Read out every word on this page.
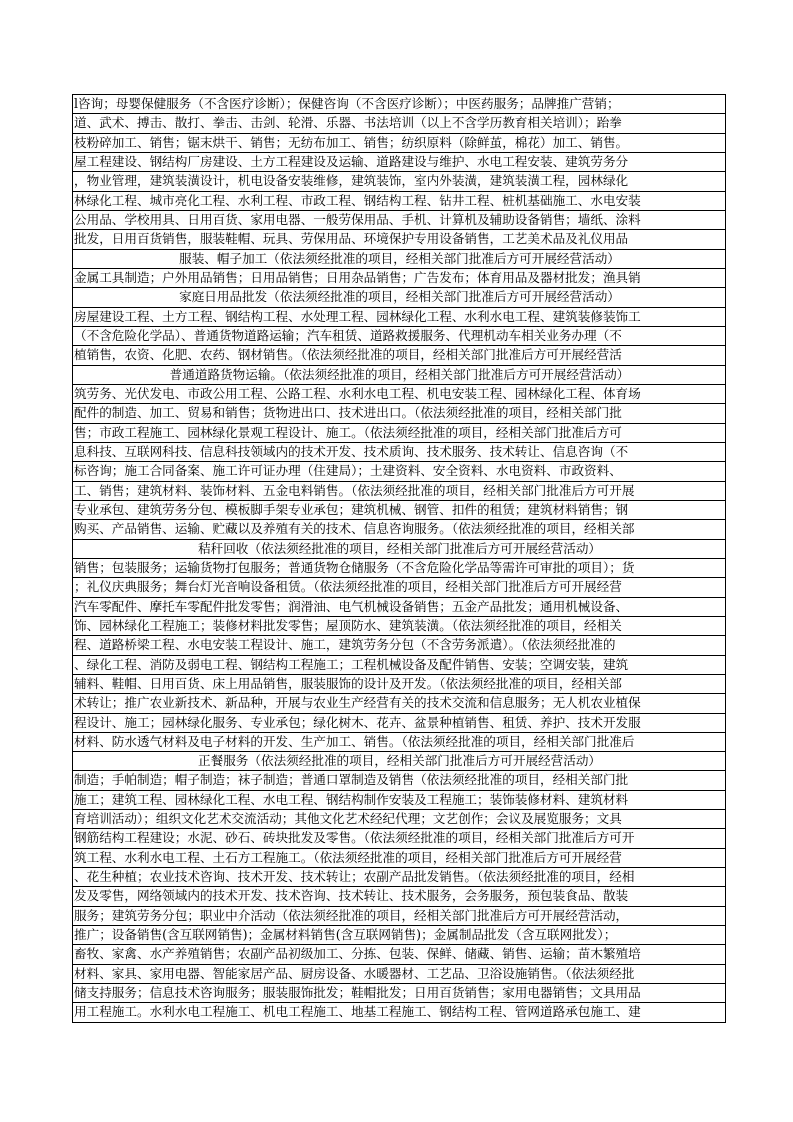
l咨询；母婴保健服务（不含医疗诊断）；保健咨询（不含医疗诊断）；中医药服务；品牌推广营销；
道、武术、搏击、散打、拳击、击剑、轮滑、乐器、书法培训（以上不含学历教育相关培训）；跆拳
枝粉碎加工、销售；锯末烘干、销售；无纺布加工、销售；纺织原料（除鲜茧，棉花）加工、销售。
屋工程建设、钢结构厂房建设、土方工程建设及运输、道路建设与维护、水电工程安装、建筑劳务分
，物业管理，建筑装潢设计，机电设备安装维修，建筑装饰，室内外装潢，建筑装潢工程，园林绿化
林绿化工程、城市亮化工程、水利工程、市政工程、钢结构工程、钻井工程、桩机基础施工、水电安装
公用品、学校用具、日用百货、家用电器、一般劳保用品、手机、计算机及辅助设备销售；墙纸、涂料
批发，日用百货销售，服装鞋帽、玩具、劳保用品、环境保护专用设备销售，工艺美术品及礼仪用品
服装、帽子加工（依法须经批准的项目，经相关部门批准后方可开展经营活动）
金属工具制造；户外用品销售；日用品销售；日用杂品销售；广告发布；体育用品及器材批发；渔具销
家庭日用品批发（依法须经批准的项目，经相关部门批准后方可开展经营活动）
房屋建设工程、土方工程、钢结构工程、水处理工程、园林绿化工程、水利水电工程、建筑装修装饰工
（不含危险化学品）、普通货物道路运输；汽车租赁、道路救援服务、代理机动车相关业务办理（不
植销售，农资、化肥、农药、钢材销售。（依法须经批准的项目，经相关部门批准后方可开展经营活
普通道路货物运输。（依法须经批准的项目，经相关部门批准后方可开展经营活动）
筑劳务、光伏发电、市政公用工程、公路工程、水利水电工程、机电安装工程、园林绿化工程、体育场
配件的制造、加工、贸易和销售；货物进出口、技术进出口。（依法须经批准的项目，经相关部门批
售；市政工程施工、园林绿化景观工程设计、施工。（依法须经批准的项目，经相关部门批准后方可
息科技、互联网科技、信息科技领域内的技术开发、技术质询、技术服务、技术转让、信息咨询（不
标咨询；施工合同备案、施工许可证办理（住建局）；土建资料、安全资料、水电资料、市政资料、
工、销售；建筑材料、装饰材料、五金电料销售。（依法须经批准的项目，经相关部门批准后方可开展
专业承包、建筑劳务分包、模板脚手架专业承包；建筑机械、钢管、扣件的租赁；建筑材料销售；钢
购买、产品销售、运输、贮藏以及养殖有关的技术、信息咨询服务。（依法须经批准的项目，经相关部
秸秆回收（依法须经批准的项目，经相关部门批准后方可开展经营活动）
销售；包装服务；运输货物打包服务；普通货物仓储服务（不含危险化学品等需许可审批的项目）；货
；礼仪庆典服务；舞台灯光音响设备租赁。（依法须经批准的项目，经相关部门批准后方可开展经营
汽车零配件、摩托车零配件批发零售；润滑油、电气机械设备销售；五金产品批发；通用机械设备、
饰、园林绿化工程施工；装修材料批发零售；屋顶防水、建筑装潢。（依法须经批准的项目，经相关
程、道路桥梁工程、水电安装工程设计、施工，建筑劳务分包（不含劳务派遣）。（依法须经批准的
、绿化工程、消防及弱电工程、钢结构工程施工；工程机械设备及配件销售、安装；空调安装，建筑
辅料、鞋帽、日用百货、床上用品销售，服装服饰的设计及开发。（依法须经批准的项目，经相关部
术转让；推广农业新技术、新品种，开展与农业生产经营有关的技术交流和信息服务；无人机农业植保
程设计、施工；园林绿化服务、专业承包；绿化树木、花卉、盆景种植销售、租赁、养护、技术开发服
材料、防水透气材料及电子材料的开发、生产加工、销售。（依法须经批准的项目，经相关部门批准后
正餐服务（依法须经批准的项目，经相关部门批准后方可开展经营活动）
制造；手帕制造；帽子制造；袜子制造；普通口罩制造及销售（依法须经批准的项目，经相关部门批
施工；建筑工程、园林绿化工程、水电工程、钢结构制作安装及工程施工；装饰装修材料、建筑材料
育培训活动）；组织文化艺术交流活动；其他文化艺术经纪代理；文艺创作；会议及展览服务；文具
钢筋结构工程建设；水泥、砂石、砖块批发及零售。（依法须经批准的项目，经相关部门批准后方可开
筑工程、水利水电工程、土石方工程施工。（依法须经批准的项目，经相关部门批准后方可开展经营
、花生种植；农业技术咨询、技术开发、技术转让；农副产品批发销售。（依法须经批准的项目，经相
发及零售，网络领域内的技术开发、技术咨询、技术转让、技术服务，会务服务，预包装食品、散装
服务；建筑劳务分包；职业中介活动（依法须经批准的项目，经相关部门批准后方可开展经营活动，
推广；设备销售(含互联网销售)；金属材料销售(含互联网销售)；金属制品批发（含互联网批发）；
畜牧、家禽、水产养殖销售；农副产品初级加工、分拣、包装、保鲜、储藏、销售、运输；苗木繁殖培
材料、家具、家用电器、智能家居产品、厨房设备、水暖器材、工艺品、卫浴设施销售。（依法须经批
储支持服务；信息技术咨询服务；服装服饰批发；鞋帽批发；日用百货销售；家用电器销售；文具用品
用工程施工。水利水电工程施工、机电工程施工、地基工程施工、钢结构工程、管网道路承包施工、建
